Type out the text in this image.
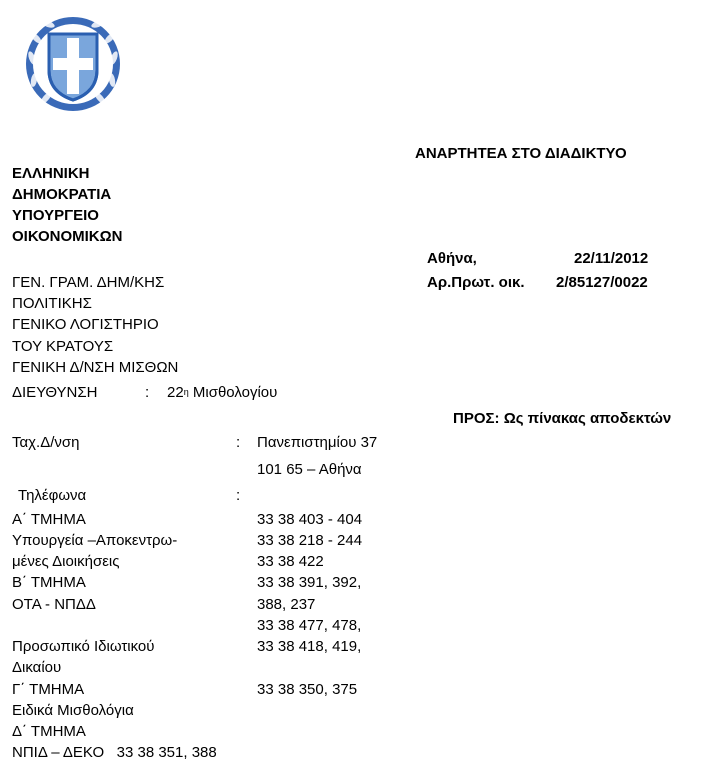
ΑΝΑΡΤΗΤΕΑ ΣΤΟ ΔΙΑΔΙΚΤΥΟ
ΕΛΛΗΝΙΚΗ
ΔΗΜΟΚΡΑΤΙΑ
ΥΠΟΥΡΓΕΙΟ
ΟΙΚΟΝΟΜΙΚΩΝ
Αθήνα,	22/11/2012
Αρ.Πρωτ. οικ. 2/85127/0022
ΓΕΝ. ΓΡΑΜ. ΔΗΜ/ΚΗΣ
ΠΟΛΙΤΙΚΗΣ
ΓΕΝΙΚΟ ΛΟΓΙΣΤΗΡΙΟ
ΤΟΥ ΚΡΑΤΟΥΣ
ΓΕΝΙΚΗ Δ/ΝΣΗ ΜΙΣΘΩΝ
ΔΙΕΥΘΥΝΣΗ	: $22^\eta$ Μισθολογίου
ΠΡΟΣ: Ως πίνακας αποδεκτών
Ταχ.Δ/νση	: Πανεπιστημίου 37
101 65 – Αθήνα
Τηλέφωνα	:
Α΄ ΤΜΗΜΑ	33 38 403 - 404
Υπουργεία –Αποκεντρω-	33 38 218 - 244
μένες Διοικήσεις	33 38 422
Β΄ ΤΜΗΜΑ	33 38 391, 392,
ΟΤΑ - ΝΠΔΔ	388, 237
33 38 477, 478,
Προσωπικό Ιδιωτικού	33 38 418, 419,
Δικαίου
Γ΄ ΤΜΗΜΑ	33 38 350, 375
Ειδικά Μισθολόγια
Δ΄ ΤΜΗΜΑ
ΝΠΙΔ – ΔΕΚΟ 33 38 351, 388
